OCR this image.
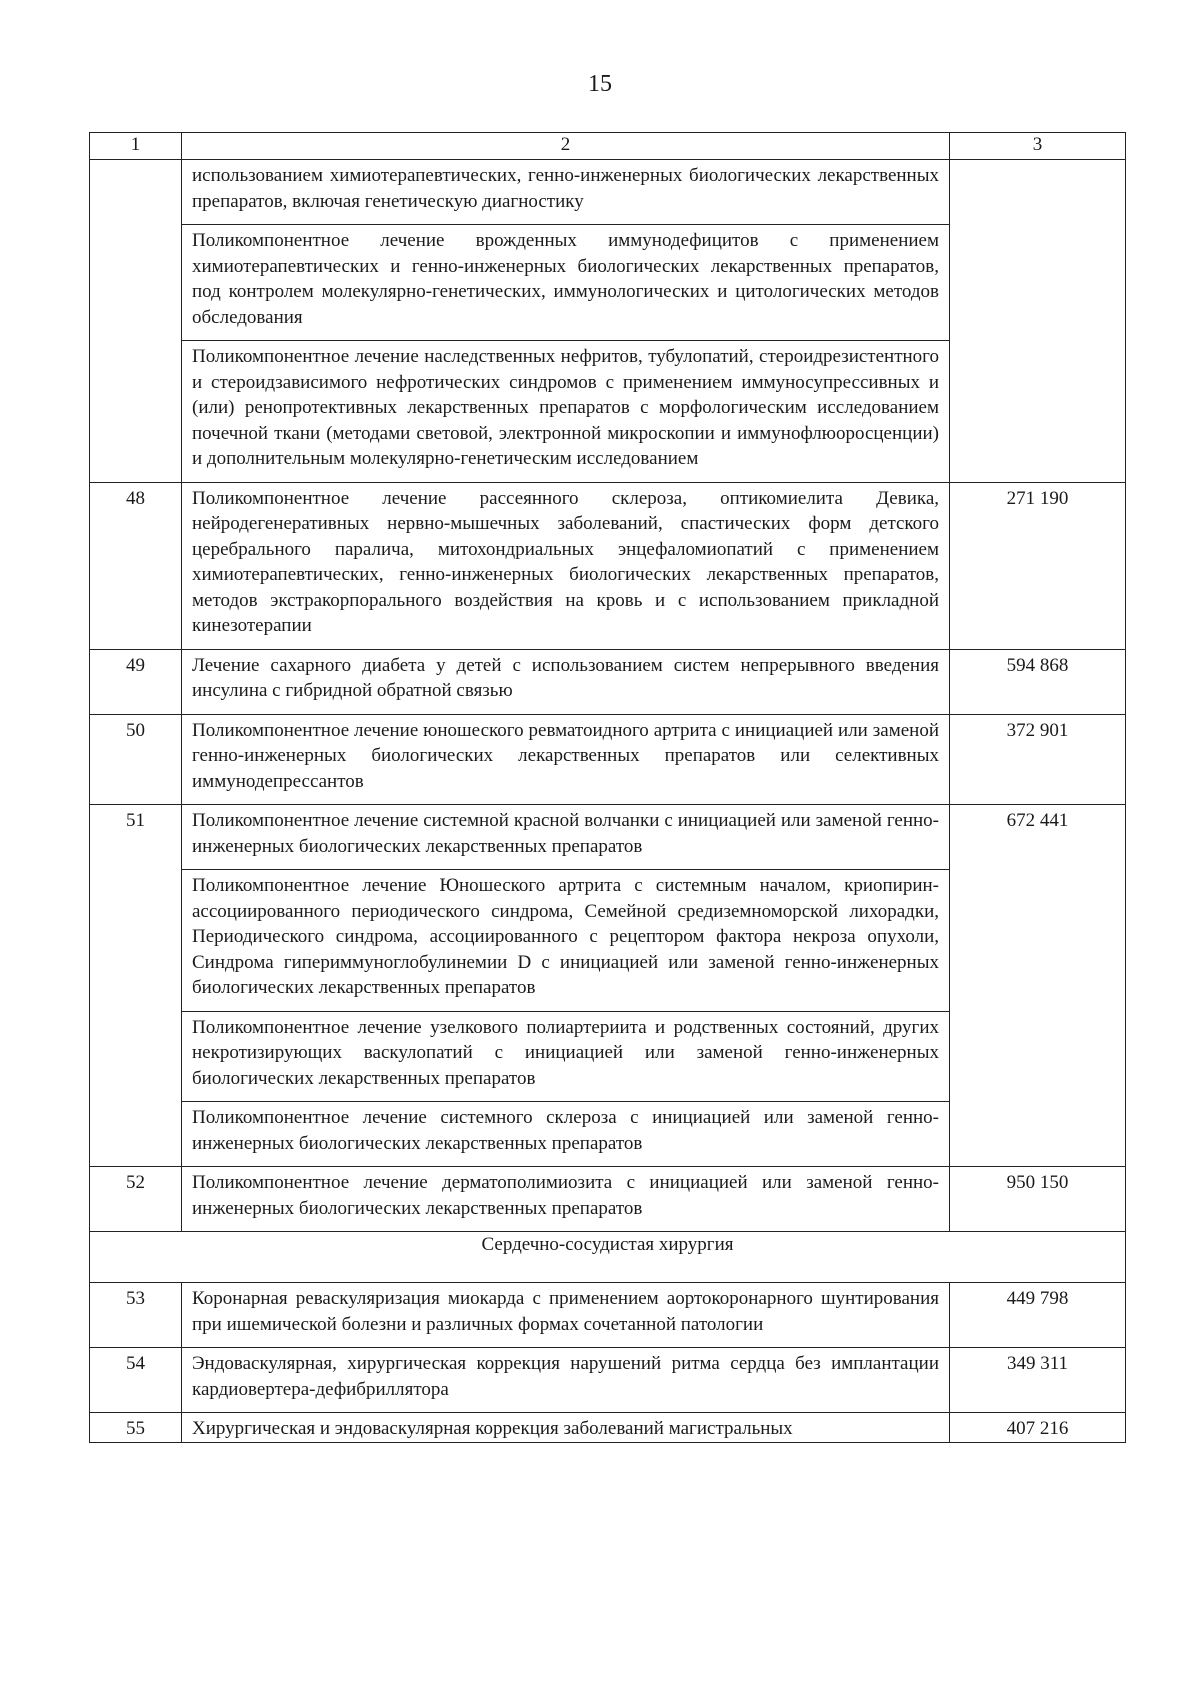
15
1	2	3
	использованием химиотерапевтических, генно-инженерных биологических лекарственных препаратов, включая генетическую диагностику	
	Поликомпонентное лечение врожденных иммунодефицитов с применением химиотерапевтических и генно-инженерных биологических лекарственных препаратов, под контролем молекулярно-генетических, иммунологических и цитологических методов обследования	
	Поликомпонентное лечение наследственных нефритов, тубулопатий, стероидрезистентного и стероидзависимого нефротических синдромов с применением иммуносупрессивных и (или) ренопротективных лекарственных препаратов с морфологическим исследованием почечной ткани (методами световой, электронной микроскопии и иммунофлюоросценции) и дополнительным молекулярно-генетическим исследованием	
48	Поликомпонентное лечение рассеянного склероза, оптикомиелита Девика, нейродегенеративных нервно-мышечных заболеваний, спастических форм детского церебрального паралича, митохондриальных энцефаломиопатий с применением химиотерапевтических, генно-инженерных биологических лекарственных препаратов, методов экстракорпорального воздействия на кровь и с использованием прикладной кинезотерапии	271 190
49	Лечение сахарного диабета у детей с использованием систем непрерывного введения инсулина с гибридной обратной связью	594 868
50	Поликомпонентное лечение юношеского ревматоидного артрита с инициацией или заменой генно-инженерных биологических лекарственных препаратов или селективных иммунодепрессантов	372 901
51	Поликомпонентное лечение системной красной волчанки с инициацией или заменой генно-инженерных биологических лекарственных препаратов	672 441
	Поликомпонентное лечение Юношеского артрита с системным началом, криопирин-ассоциированного периодического синдрома, Семейной средиземноморской лихорадки, Периодического синдрома, ассоциированного с рецептором фактора некроза опухоли, Синдрома гипериммуноглобулинемии D с инициацией или заменой генно-инженерных биологических лекарственных препаратов	
	Поликомпонентное лечение узелкового полиартериита и родственных состояний, других некротизирующих васкулопатий с инициацией или заменой генно-инженерных биологических лекарственных препаратов	
	Поликомпонентное лечение системного склероза с инициацией или заменой генно-инженерных биологических лекарственных препаратов	
52	Поликомпонентное лечение дерматополимиозита с инициацией или заменой генно-инженерных биологических лекарственных препаратов	950 150
Сердечно-сосудистая хирургия		
53	Коронарная реваскуляризация миокарда с применением аортокоронарного шунтирования при ишемической болезни и различных формах сочетанной патологии	449 798
54	Эндоваскулярная, хирургическая коррекция нарушений ритма сердца без имплантации кардиовертера-дефибриллятора	349 311
55	Хирургическая и эндоваскулярная коррекция заболеваний магистральных	407 216
